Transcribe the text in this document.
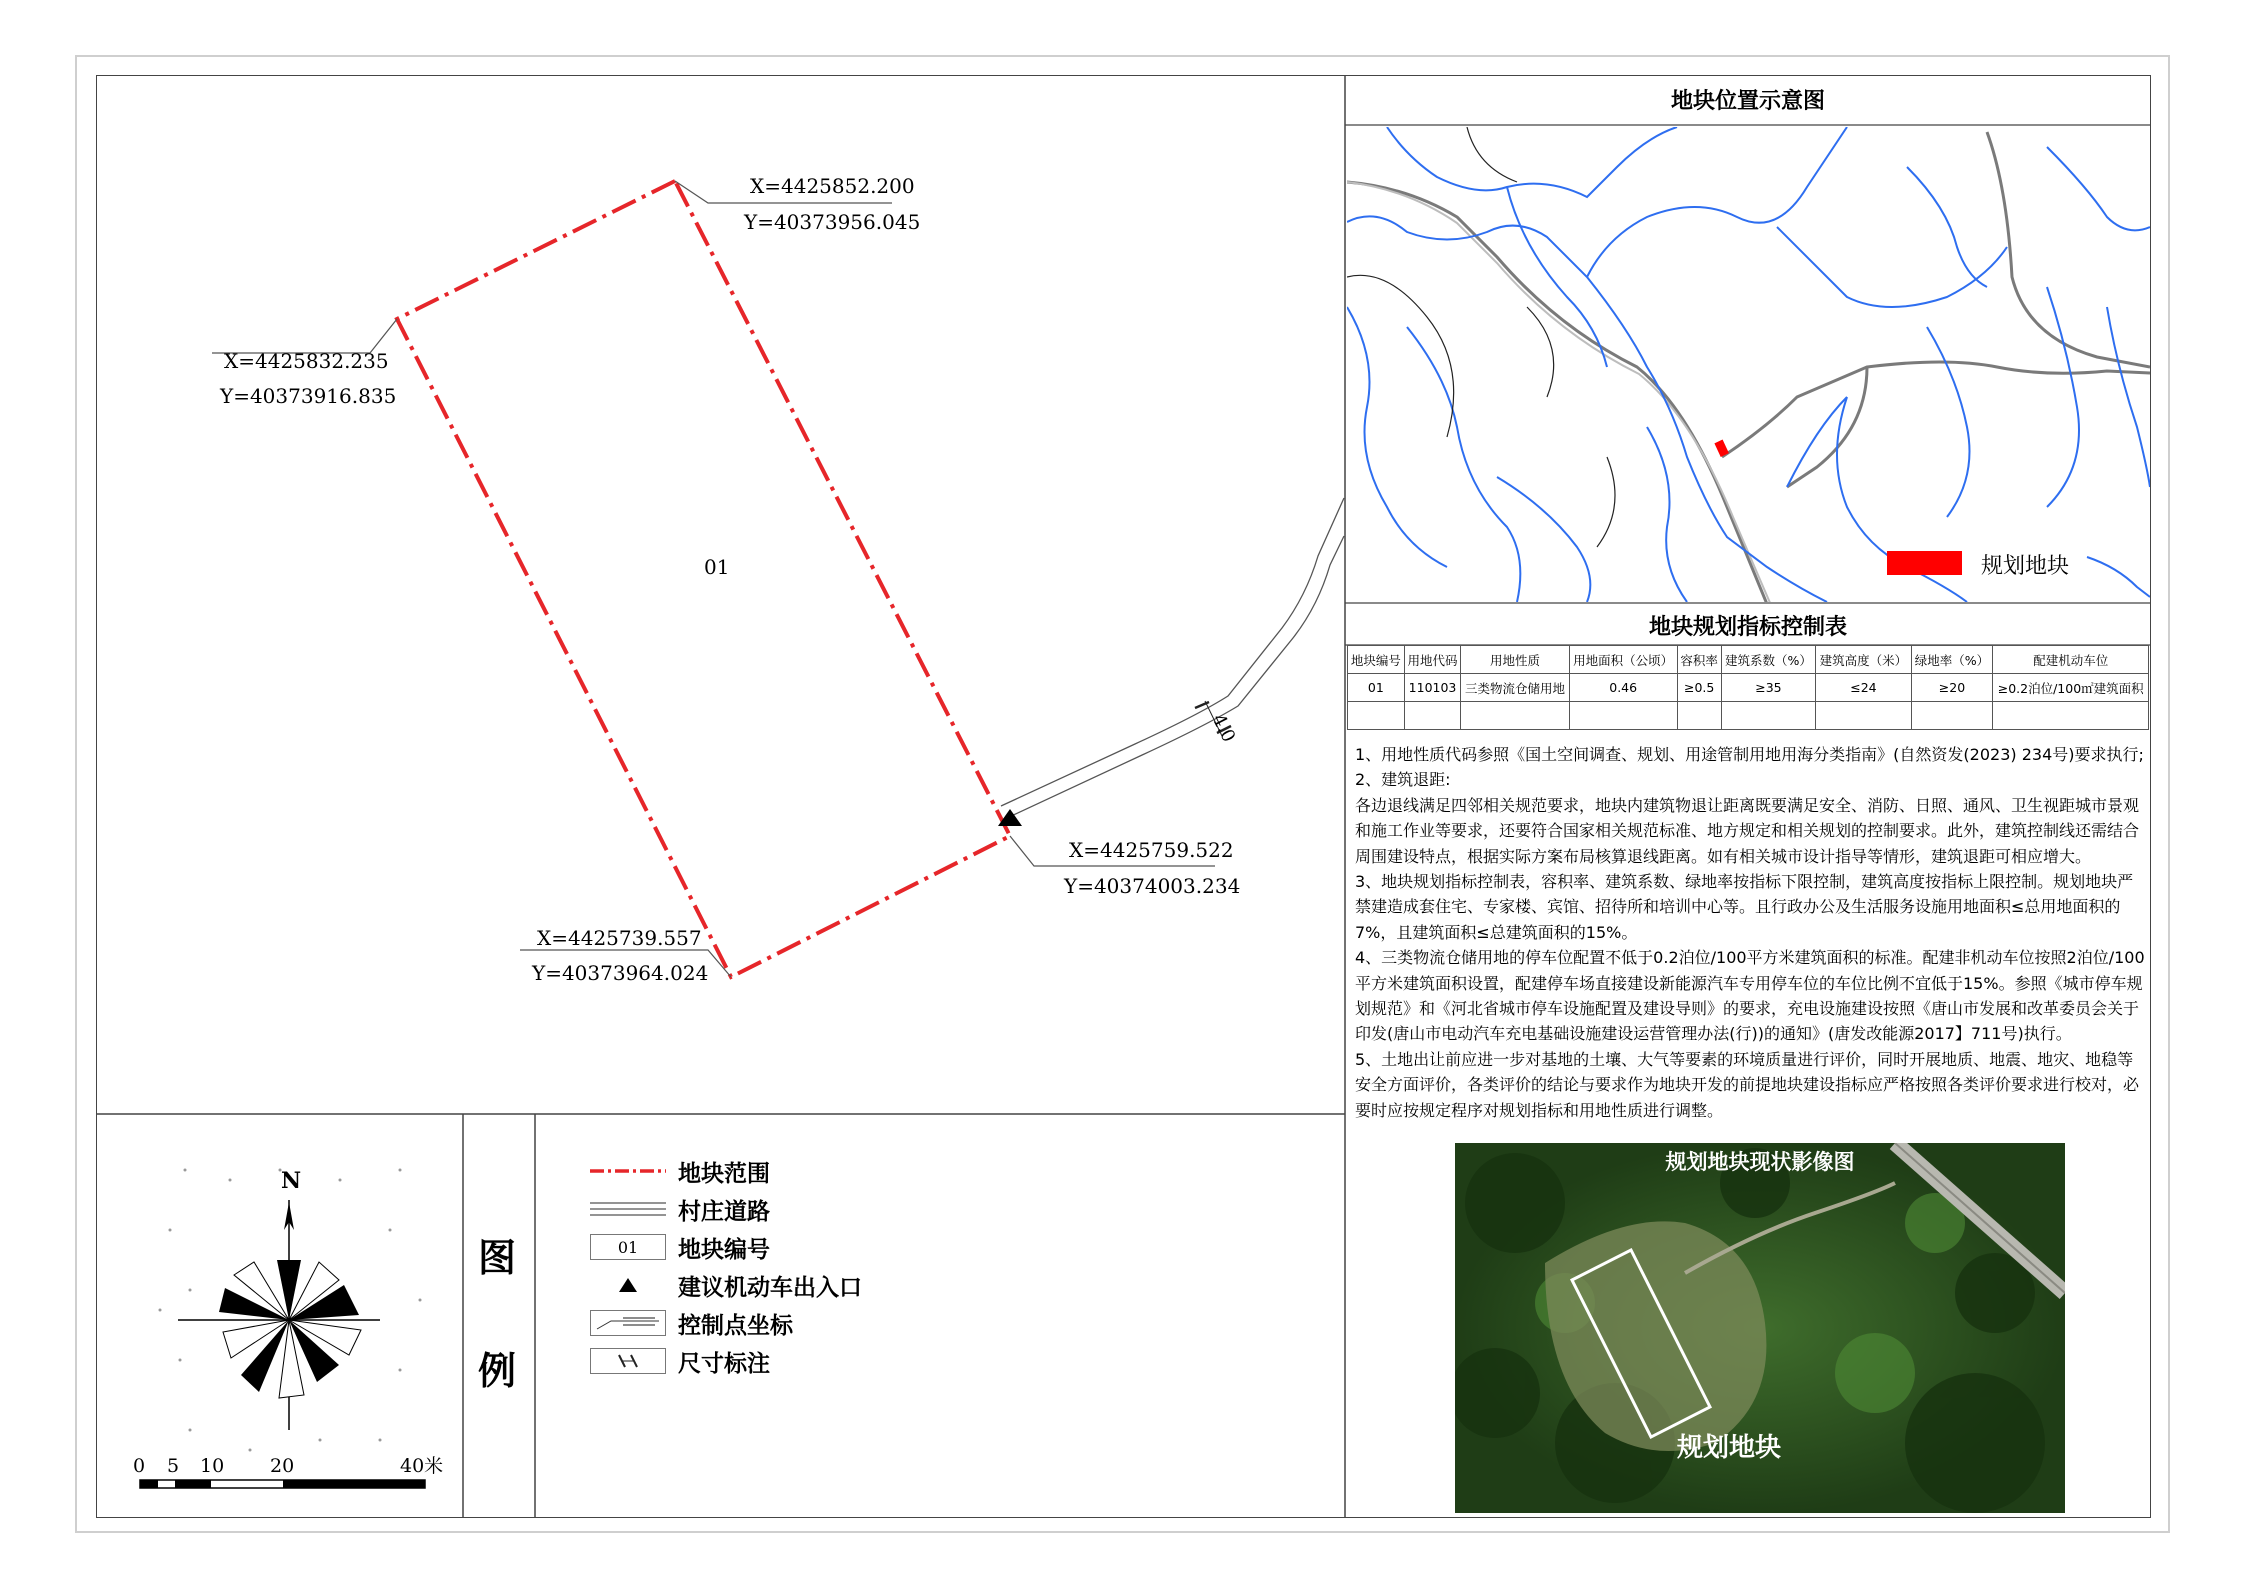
4.0
X=4425852.200
Y=40373956.045
X=4425832.235
Y=40373916.835
X=4425759.522
Y=40374003.234
X=4425739.557
Y=40373964.024
01
地块位置示意图
规划地块
地块规划指标控制表
地块编号	用地代码	用地性质	用地面积（公顷）	容积率	建筑系数（%）	建筑高度（米）	绿地率（%）	配建机动车位
01	110103	三类物流仓储用地	0.46	≥0.5	≥35	≤24	≥20	≥0.2泊位/100㎡建筑面积

1、用地性质代码参照《国土空间调查、规划、用途管制用地用海分类指南》(自然资发(2023) 234号)要求执行;

2、建筑退距:

各边退线满足四邻相关规范要求，地块内建筑物退让距离既要满足安全、消防、日照、通风、卫生视距城市景观和施工作业等要求，还要符合国家相关规范标准、地方规定和相关规划的控制要求。此外，建筑控制线还需结合周围建设特点，根据实际方案布局核算退线距离。如有相关城市设计指导等情形，建筑退距可相应增大。

3、地块规划指标控制表，容积率、建筑系数、绿地率按指标下限控制，建筑高度按指标上限控制。规划地块严禁建造成套住宅、专家楼、宾馆、招待所和培训中心等。且行政办公及生活服务设施用地面积≤总用地面积的7%，且建筑面积≤总建筑面积的15%。

4、三类物流仓储用地的停车位配置不低于0.2泊位/100平方米建筑面积的标准。配建非机动车位按照2泊位/100平方米建筑面积设置，配建停车场直接建设新能源汽车专用停车位的车位比例不宜低于15%。参照《城市停车规划规范》和《河北省城市停车设施配置及建设导则》的要求，充电设施建设按照《唐山市发展和改革委员会关于印发(唐山市电动汽车充电基础设施建设运营管理办法(行))的通知》(唐发改能源2017】711号)执行。

5、土地出让前应进一步对基地的土壤、大气等要素的环境质量进行评价，同时开展地质、地震、地灾、地稳等安全方面评价，各类评价的结论与要求作为地块开发的前提地块建设指标应严格按照各类评价要求进行校对，必要时应按规定程序对规划指标和用地性质进行调整。

规划地块现状影像图
规划地块
N
0 5 10 20	40米
图
例
地块范围
村庄道路
01	地块编号
建议机动车出入口
控制点坐标
尺寸标注
